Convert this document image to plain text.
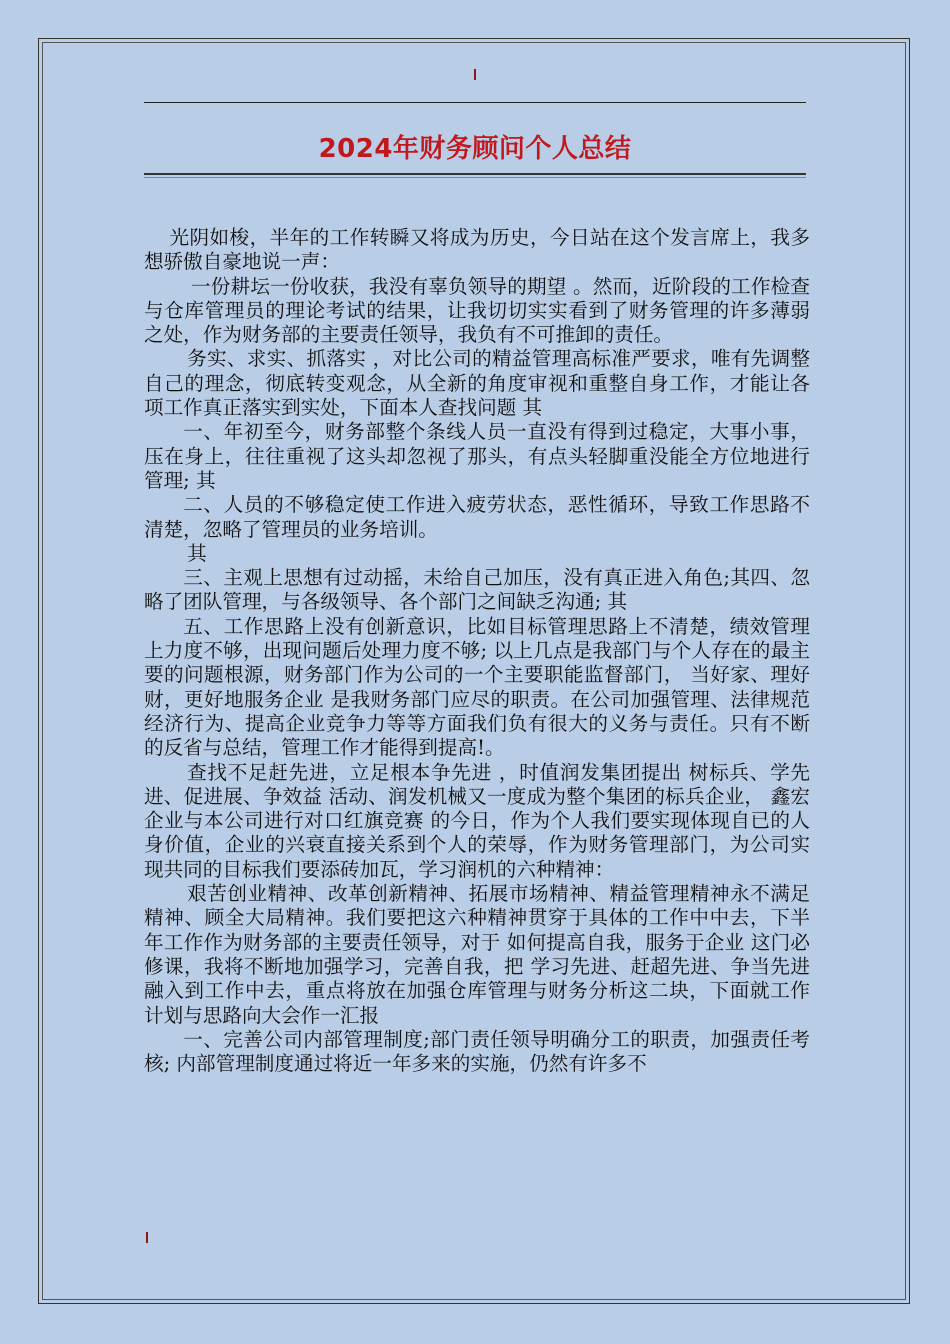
2024年财务顾问个人总结

光阴如梭，半年的工作转瞬又将成为历史，今日站在这个发言席上，我多想骄傲自豪地说一声：

一份耕坛一份收获，我没有辜负领导的期望 。然而，近阶段的工作检查与仓库管理员的理论考试的结果，让我切切实实看到了财务管理的许多薄弱之处，作为财务部的主要责任领导，我负有不可推卸的责任。

务实、求实、抓落实 ，对比公司的精益管理高标准严要求，唯有先调整自己的理念，彻底转变观念，从全新的角度审视和重整自身工作，才能让各项工作真正落实到实处，下面本人查找问题 其

一、年初至今，财务部整个条线人员一直没有得到过稳定，大事小事，压在身上，往往重视了这头却忽视了那头，有点头轻脚重没能全方位地进行管理; 其

二、人员的不够稳定使工作进入疲劳状态，恶性循环，导致工作思路不清楚，忽略了管理员的业务培训。

其

三、主观上思想有过动摇，未给自己加压，没有真正进入角色;其四、忽略了团队管理，与各级领导、各个部门之间缺乏沟通; 其

五、工作思路上没有创新意识，比如目标管理思路上不清楚，绩效管理上力度不够，出现问题后处理力度不够; 以上几点是我部门与个人存在的最主要的问题根源，财务部门作为公司的一个主要职能监督部门， 当好家、理好财，更好地服务企业 是我财务部门应尽的职责。在公司加强管理、法律规范经济行为、提高企业竞争力等等方面我们负有很大的义务与责任。只有不断的反省与总结，管理工作才能得到提高!。

查找不足赶先进，立足根本争先进 ，时值润发集团提出 树标兵、学先进、促进展、争效益 活动、润发机械又一度成为整个集团的标兵企业， 鑫宏企业与本公司进行对口红旗竞赛 的今日，作为个人我们要实现体现自已的人身价值，企业的兴衰直接关系到个人的荣辱，作为财务管理部门，为公司实现共同的目标我们要添砖加瓦，学习润机的六种精神：

艰苦创业精神、改革创新精神、拓展市场精神、精益管理精神永不满足精神、顾全大局精神。我们要把这六种精神贯穿于具体的工作中中去，下半年工作作为财务部的主要责任领导，对于 如何提高自我，服务于企业 这门必修课，我将不断地加强学习，完善自我，把 学习先进、赶超先进、争当先进 融入到工作中去，重点将放在加强仓库管理与财务分析这二块，下面就工作计划与思路向大会作一汇报

一、完善公司内部管理制度;部门责任领导明确分工的职责，加强责任考核; 内部管理制度通过将近一年多来的实施，仍然有许多不
